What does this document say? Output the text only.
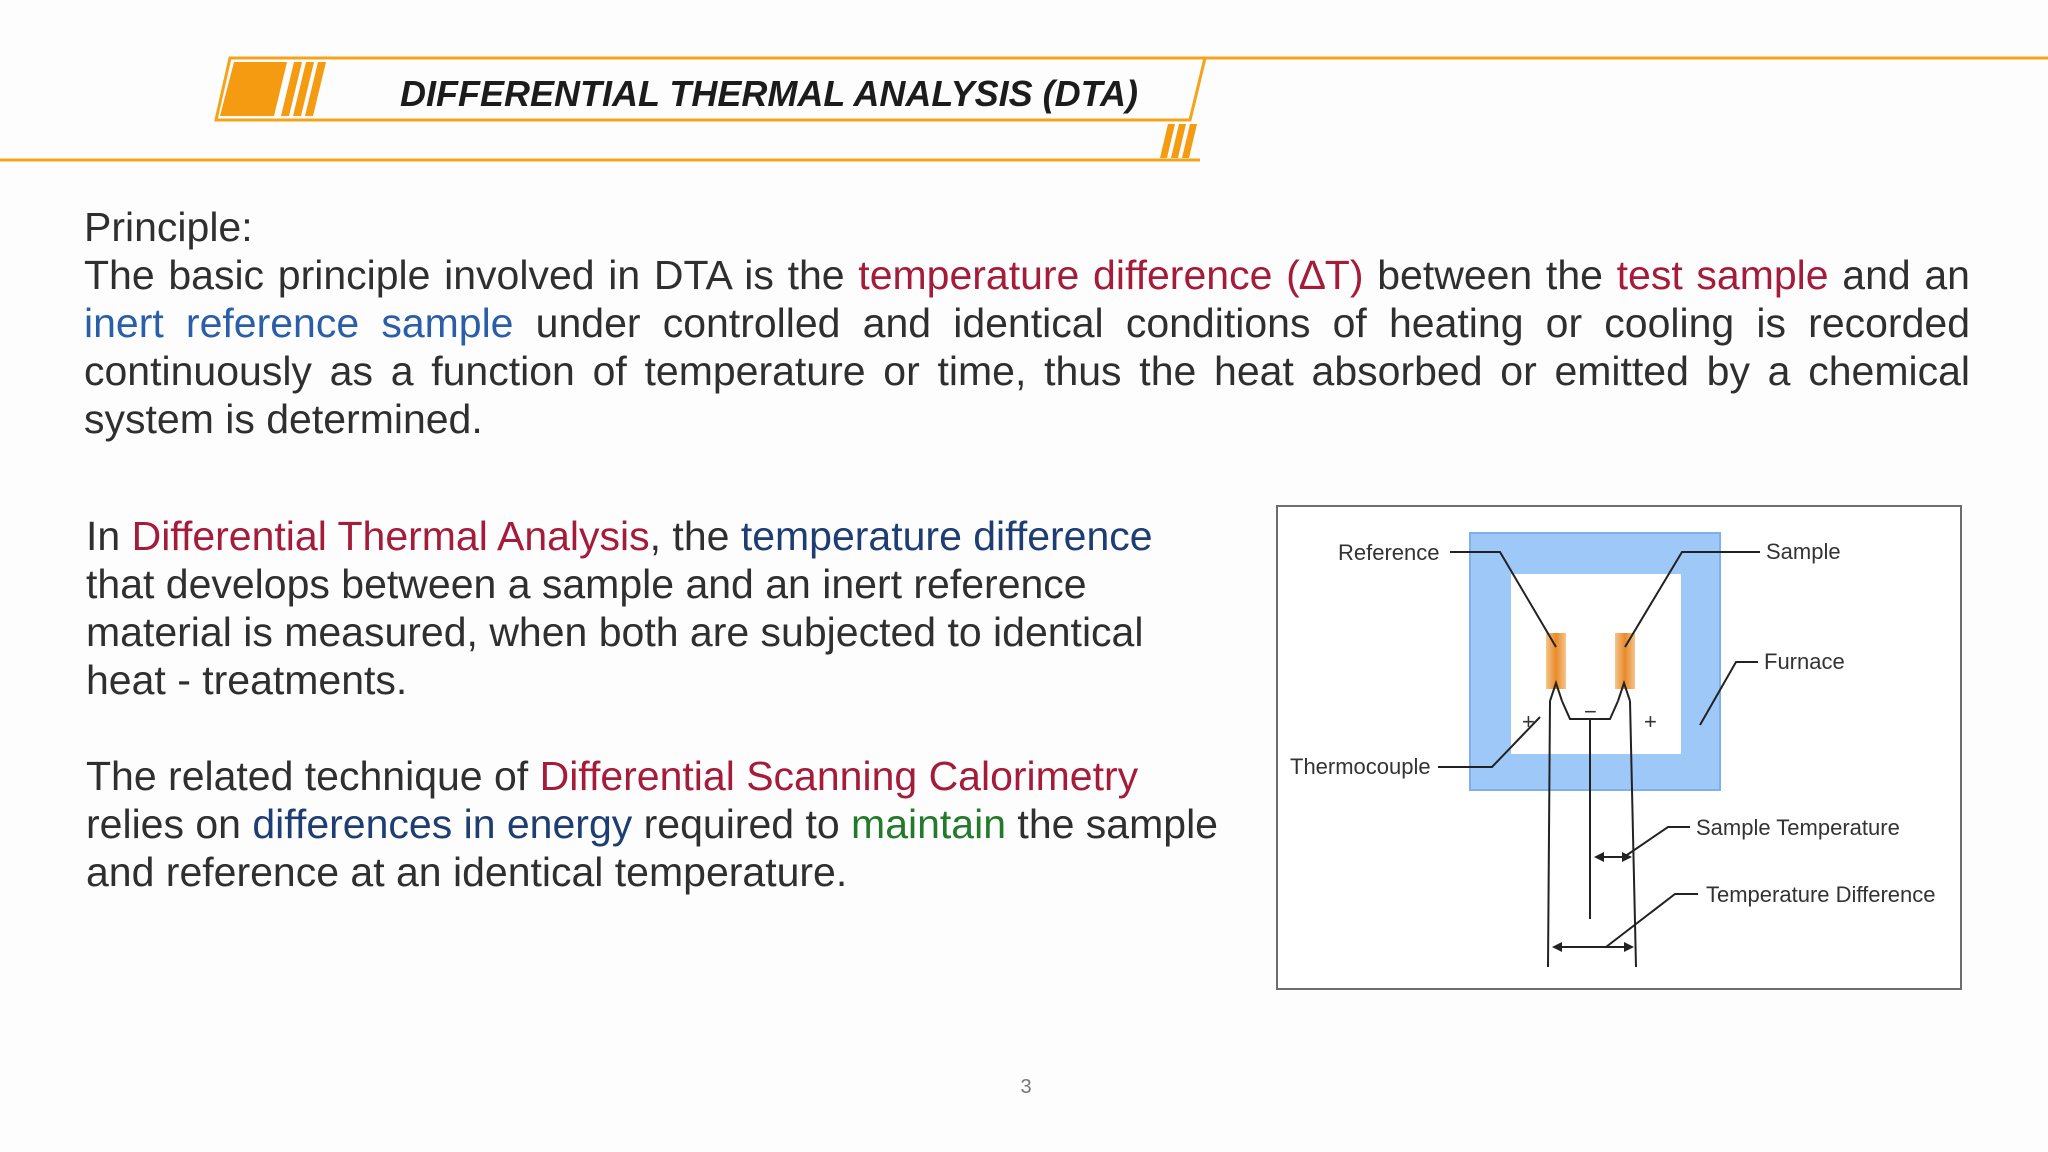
DIFFERENTIAL THERMAL ANALYSIS (DTA)
Principle:
The basic principle involved in DTA is the temperature difference (∆T) between the test sample and an inert reference sample under controlled and identical conditions of heating or cooling is recorded continuously as a function of temperature or time, thus the heat absorbed or emitted by a chemical system is determined.
In Differential Thermal Analysis, the temperature difference that develops between a sample and an inert reference material is measured, when both are subjected to identical heat - treatments.
The related technique of Differential Scanning Calorimetry relies on differences in energy required to maintain the sample and reference at an identical temperature.
Reference	Sample
Furnace
Thermocouple
Sample Temperature
Temperature Difference
+ − +
3
